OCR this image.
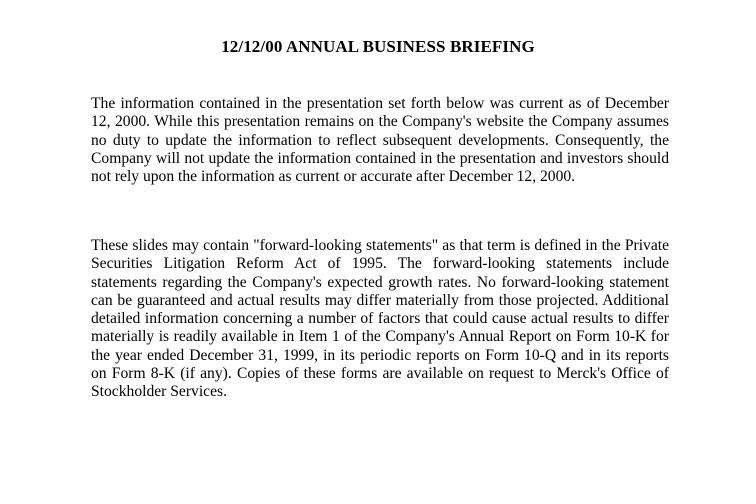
12/12/00 ANNUAL BUSINESS BRIEFING

The information contained in the presentation set forth below was current as of December 12, 2000. While this presentation remains on the Company's website the Company assumes no duty to update the information to reflect subsequent developments. Consequently, the Company will not update the information contained in the presentation and investors should not rely upon the information as current or accurate after December 12, 2000.

These slides may contain "forward-looking statements" as that term is defined in the Private Securities Litigation Reform Act of 1995. The forward-looking statements include statements regarding the Company's expected growth rates. No forward-looking statement can be guaranteed and actual results may differ materially from those projected. Additional detailed information concerning a number of factors that could cause actual results to differ materially is readily available in Item 1 of the Company's Annual Report on Form 10-K for the year ended December 31, 1999, in its periodic reports on Form 10-Q and in its reports on Form 8-K (if any). Copies of these forms are available on request to Merck's Office of Stockholder Services.
